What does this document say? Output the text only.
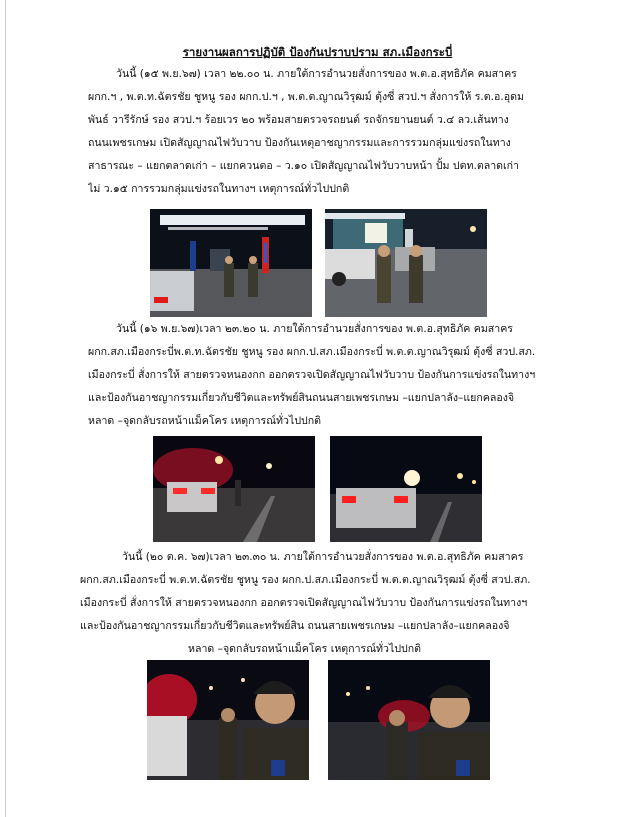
รายงานผลการปฏิบัติ ป้องกันปราบปราม สภ.เมืองกระบี่
วันนี้ (๑๕ พ.ย.๖๗) เวลา ๒๒.๐๐ น. ภายใต้การอำนวยสั่งการของ พ.ต.อ.สุทธิภัค คมสาคร
ผกก.ฯ , พ.ต.ท.ฉัตรชัย ชูหนู รอง ผกก.ป.ฯ , พ.ต.ต.ญาณวิรุฒม์ ตุ้งซี่ สวป.ฯ สั่งการให้ ร.ต.อ.อุดม
พันธ์ วารีรักษ์ รอง สวป.ฯ ร้อยเวร ๒๐ พร้อมสายตรวจรถยนต์ รถจักรยานยนต์ ว.๔ ลว.เส้นทาง
ถนนเพชรเกษม เปิดสัญญาณไฟวับวาบ ป้องกันเหตุอาชญากรรมและการรวมกลุ่มแข่งรถในทาง
สาธารณะ – แยกตลาดเก่า – แยกควนตอ – ว.๑๐ เปิดสัญญาณไฟวับวาบหน้า ปั้ม ปตท.ตลาดเก่า
ไม่ ว.๑๕ การรวมกลุ่มแข่งรถในทางฯ เหตุการณ์ทั่วไปปกติ
วันนี้ (๑๖ พ.ย.๖๗)เวลา ๒๓.๒๐ น. ภายใต้การอำนวยสั่งการของ พ.ต.อ.สุทธิภัค คมสาคร
ผกก.สภ.เมืองกระบี่พ.ต.ท.ฉัตรชัย ชูหนู รอง ผกก.ป.สภ.เมืองกระบี่ พ.ต.ต.ญาณวิรุฒม์ ตุ้งซี่ สวป.สภ.
เมืองกระบี่ สั่งการให้ สายตรวจหนองกก ออกตรวจเปิดสัญญาณไฟวับวาบ ป้องกันการแข่งรถในทางฯ
และป้องกันอาชญากรรมเกี่ยวกับชีวิตและทรัพย์สินถนนสายเพชรเกษม –แยกปลาลัง–แยกคลองจิ
หลาด –จุดกลับรถหน้าแม็คโคร เหตุการณ์ทั่วไปปกติ
วันนี้ (๒๐ ต.ค. ๖๗)เวลา ๒๓.๓๐ น. ภายใต้การอำนวยสั่งการของ พ.ต.อ.สุทธิภัค คมสาคร
ผกก.สภ.เมืองกระบี่ พ.ต.ท.ฉัตรชัย ชูหนู รอง ผกก.ป.สภ.เมืองกระบี่ พ.ต.ต.ญาณวิรุฒม์ ตุ้งซี่ สวป.สภ.
เมืองกระบี่ สั่งการให้ สายตรวจหนองกก ออกตรวจเปิดสัญญาณไฟวับวาบ ป้องกันการแข่งรถในทางฯ
และป้องกันอาชญากรรมเกี่ยวกับชีวิตและทรัพย์สิน ถนนสายเพชรเกษม –แยกปลาลัง–แยกคลองจิ
หลาด –จุดกลับรถหน้าแม็คโคร เหตุการณ์ทั่วไปปกติ
